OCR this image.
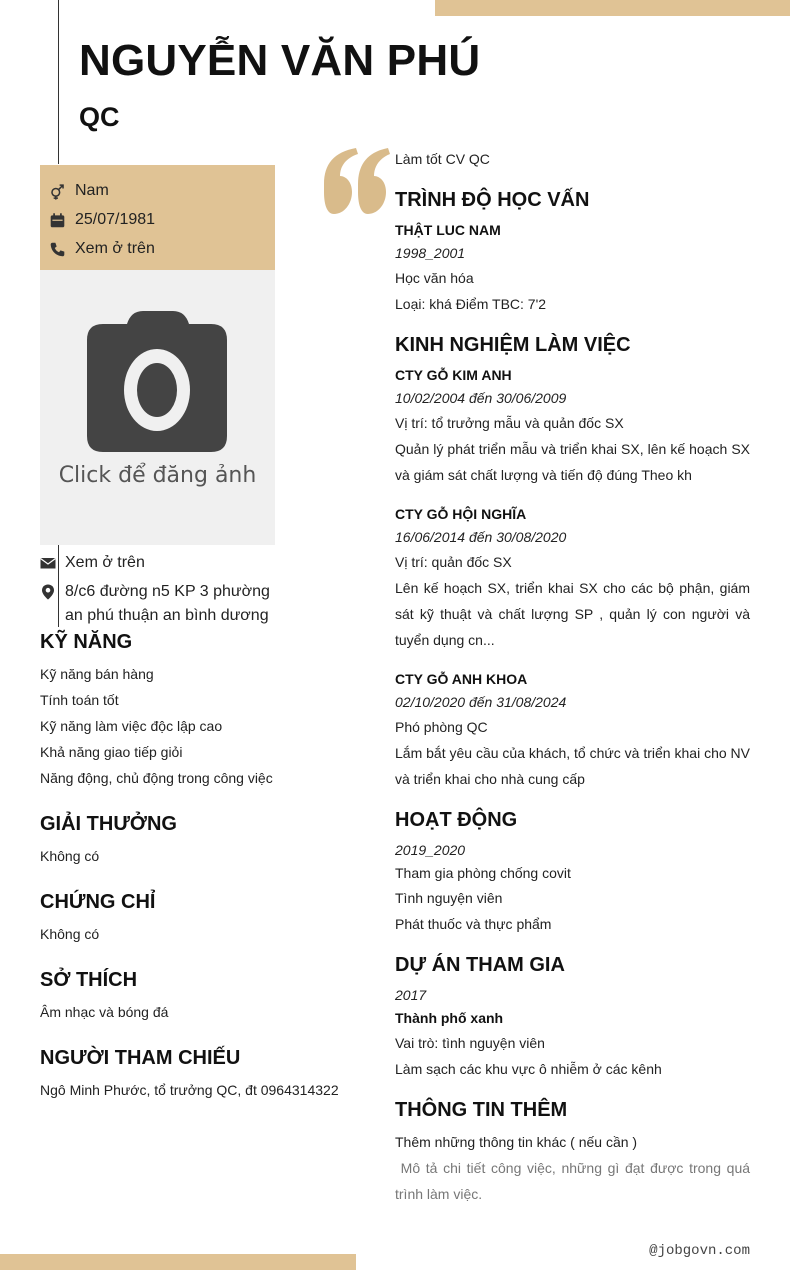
NGUYỄN VĂN PHÚ
QC
Nam
25/07/1981
Xem ở trên
Click để đăng ảnh
Xem ở trên
8/c6 đường n5 KP 3 phường
an phú thuận an bình dương
KỸ NĂNG
Kỹ năng bán hàng
Tính toán tốt
Kỹ năng làm việc độc lập cao
Khả năng giao tiếp giỏi
Năng động, chủ động trong công việc
GIẢI THƯỞNG
Không có
CHỨNG CHỈ
Không có
SỞ THÍCH
Âm nhạc và bóng đá
NGƯỜI THAM CHIẾU
Ngô Minh Phước, tổ trưởng QC, đt 0964314322
Làm tốt CV QC
TRÌNH ĐỘ HỌC VẤN
THẬT LUC NAM
1998_2001
Học văn hóa
Loại: khá Điểm TBC: 7'2
KINH NGHIỆM LÀM VIỆC
CTY GỖ KIM ANH
10/02/2004 đến 30/06/2009
Vị trí: tổ trưởng mẫu và quản đốc SX
Quản lý phát triển mẫu và triển khai SX, lên kế hoạch SX và giám sát chất lượng và tiến độ đúng Theo kh
CTY GỖ HỘI NGHĨA
16/06/2014 đến 30/08/2020
Vị trí: quản đốc SX
Lên kế hoạch SX, triển khai SX cho các bộ phận, giám sát kỹ thuật và chất lượng SP , quản lý con người và tuyển dụng cn...
CTY GỖ ANH KHOA
02/10/2020 đến 31/08/2024
Phó phòng QC
Lắm bắt yêu cầu của khách, tổ chức và triển khai cho NV và triển khai cho nhà cung cấp
HOẠT ĐỘNG
2019_2020
Tham gia phòng chống covit
Tình nguyện viên
Phát thuốc và thực phẩm
DỰ ÁN THAM GIA
2017
Thành phố xanh
Vai trò: tình nguyện viên
Làm sạch các khu vực ô nhiễm ở các kênh
THÔNG TIN THÊM
Thêm những thông tin khác ( nếu cần )
Mô tả chi tiết công việc, những gì đạt được trong quá trình làm việc.
@jobgovn.com
